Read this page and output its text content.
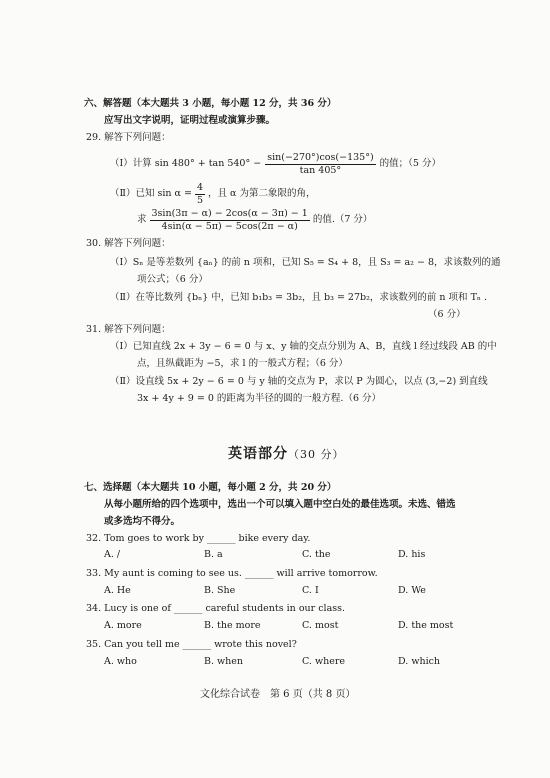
六、解答题（本大题共 3 小题，每小题 12 分，共 36 分）
应写出文字说明，证明过程或演算步骤。
29. 解答下列问题：
（Ⅰ）计算 $\sin 480^\circ + \tan 540^\circ - \frac{\sin(-270^\circ)\cos(-135^\circ)}{\tan 405^\circ}$ 的值；（5 分）
（Ⅱ）已知 $\sin \alpha = \frac{4}{5}$ ，且 α 为第二象限的角，
求 $\frac{3\sin(3\pi - \alpha) - 2\cos(\alpha - 3\pi) - 1}{4\sin(\alpha - 5\pi) - 5\cos(2\pi - \alpha)}$ 的值.（7 分）
30. 解答下列问题：
（Ⅰ）Sₙ 是等差数列 {aₙ} 的前 n 项和，已知 S₅ = S₄ + 8，且 S₃ = a₂ − 8，求该数列的通
项公式；（6 分）
（Ⅱ）在等比数列 {bₙ} 中，已知 b₁b₃ = 3b₂，且 b₃ = 27b₂，求该数列的前 n 项和 Tₙ .
（6 分）
31. 解答下列问题：
（Ⅰ）已知直线 2x + 3y − 6 = 0 与 x、y 轴的交点分别为 A、B，直线 l 经过线段 AB 的中
点，且纵截距为 −5，求 l 的一般式方程；（6 分）
（Ⅱ）设直线 5x + 2y − 6 = 0 与 y 轴的交点为 P，求以 P 为圆心，以点 (3,−2) 到直线
3x + 4y + 9 = 0 的距离为半径的圆的一般方程.（6 分）
英语部分（30 分）
七、选择题（本大题共 10 小题，每小题 2 分，共 20 分）
从每小题所给的四个选项中，选出一个可以填入题中空白处的最佳选项。未选、错选
或多选均不得分。
32. Tom goes to work by ______ bike every day.
A. /	B. a	C. the	D. his
33. My aunt is coming to see us. ______ will arrive tomorrow.
A. He	B. She	C. I	D. We
34. Lucy is one of ______ careful students in our class.
A. more	B. the more	C. most	D. the most
35. Can you tell me ______ wrote this novel?
A. who	B. when	C. where	D. which
文化综合试卷　第 6 页（共 8 页）
